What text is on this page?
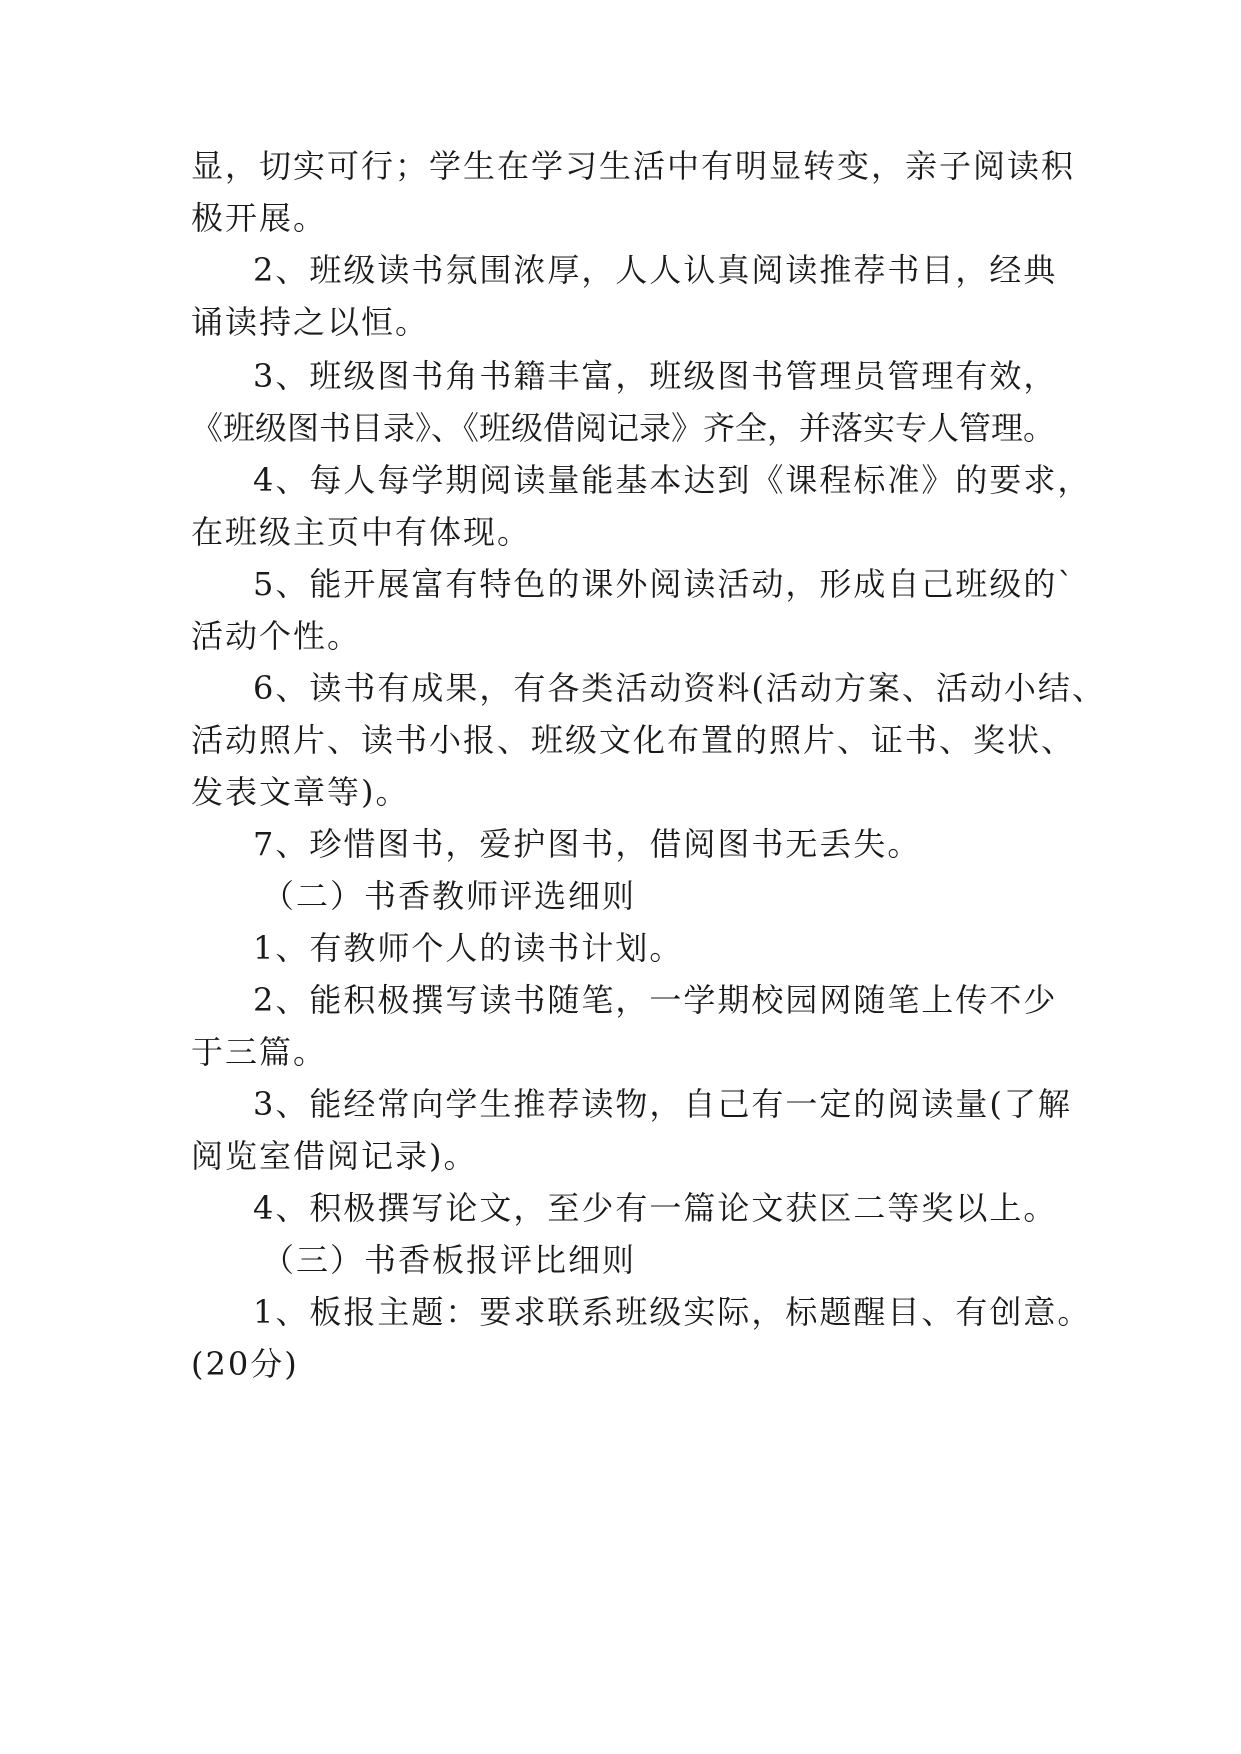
显，切实可行；学生在学习生活中有明显转变，亲子阅读积
极开展。
2、班级读书氛围浓厚，人人认真阅读推荐书目，经典
诵读持之以恒。
3、班级图书角书籍丰富，班级图书管理员管理有效，
《班级图书目录》、《班级借阅记录》齐全，并落实专人管理。
4、每人每学期阅读量能基本达到《课程标准》的要求，
在班级主页中有体现。
5、能开展富有特色的课外阅读活动，形成自己班级的`
活动个性。
6、读书有成果，有各类活动资料(活动方案、活动小结、
活动照片、读书小报、班级文化布置的照片、证书、奖状、
发表文章等)。
7、珍惜图书，爱护图书，借阅图书无丢失。
（二）书香教师评选细则
1、有教师个人的读书计划。
2、能积极撰写读书随笔，一学期校园网随笔上传不少
于三篇。
3、能经常向学生推荐读物，自己有一定的阅读量(了解
阅览室借阅记录)。
4、积极撰写论文，至少有一篇论文获区二等奖以上。
（三）书香板报评比细则
1、板报主题：要求联系班级实际，标题醒目、有创意。
(20分)
